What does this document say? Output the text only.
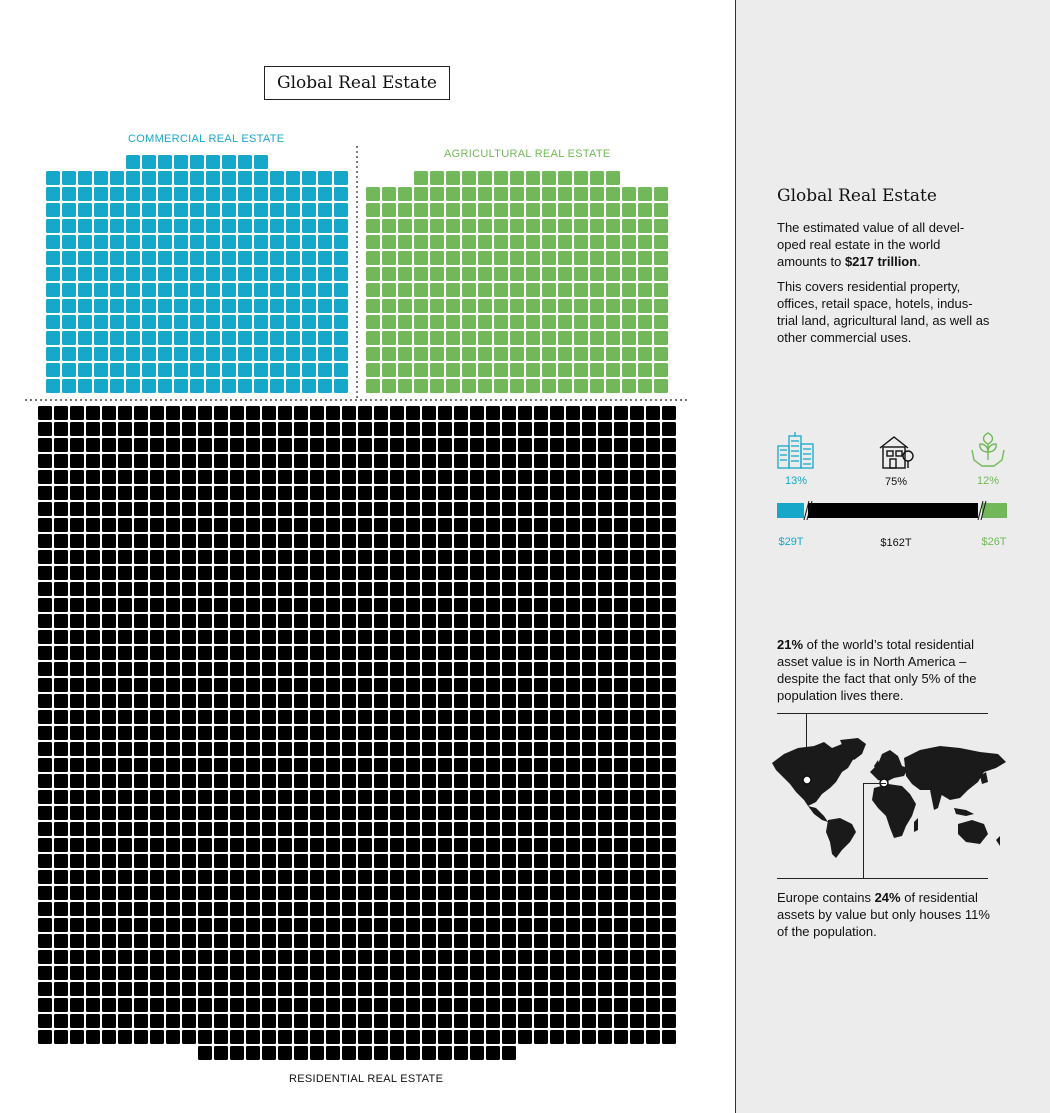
Global Real Estate
COMMERCIAL REAL ESTATE
AGRICULTURAL REAL ESTATE
RESIDENTIAL REAL ESTATE
Global Real Estate

The estimated value of all devel-oped real estate in the world amounts to $217 trillion.

This covers residential property, offices, retail space, hotels, indus-trial land, agricultural land, as well as other commercial uses.

13%	75%	12%
$29T	$162T	$26T
21% of the world’s total residential asset value is in North America – despite the fact that only 5% of the population lives there.
Europe contains 24% of residential assets by value but only houses 11% of the population.
